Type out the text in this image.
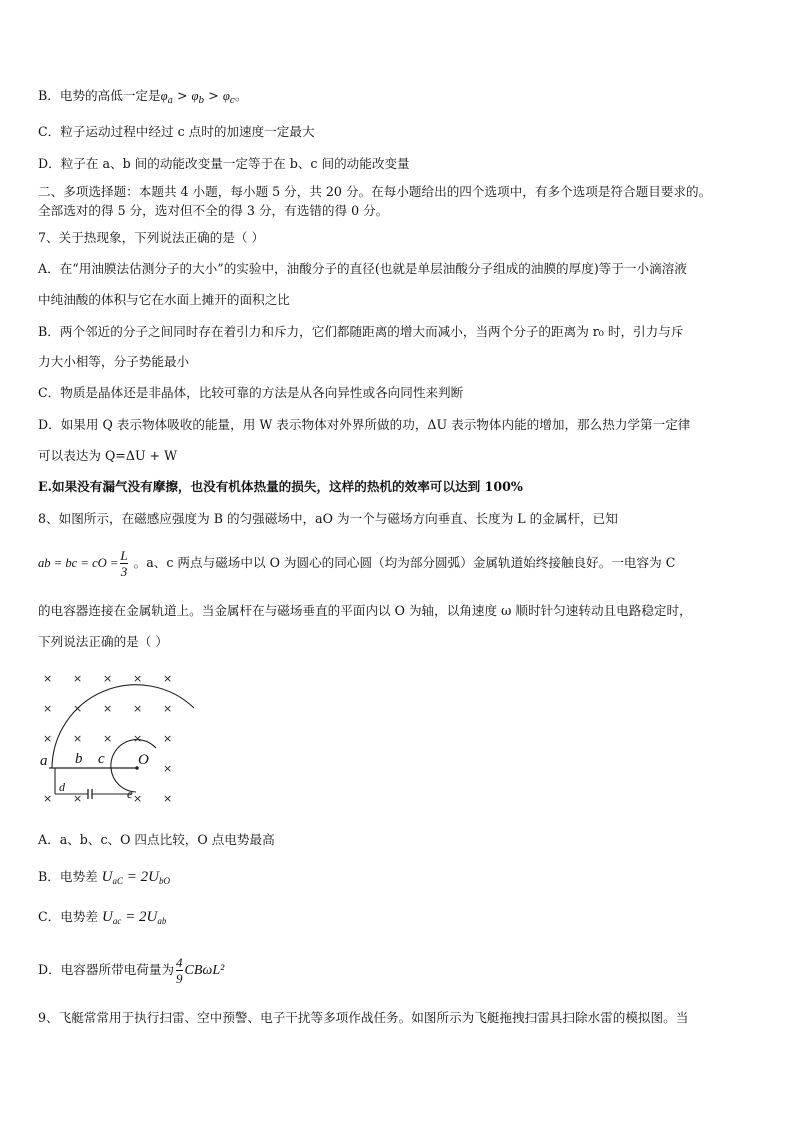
B．电势的高低一定是$\varphi_a > \varphi_b > \varphi_c$。
C．粒子运动过程中经过 c 点时的加速度一定最大
D．粒子在 a、b 间的动能改变量一定等于在 b、c 间的动能改变量
二、多项选择题：本题共 4 小题，每小题 5 分，共 20 分。在每小题给出的四个选项中，有多个选项是符合题目要求的。
全部选对的得 5 分，选对但不全的得 3 分，有选错的得 0 分。
7、关于热现象，下列说法正确的是（ ）
A．在“用油膜法估测分子的大小”的实验中，油酸分子的直径(也就是单层油酸分子组成的油膜的厚度)等于一小滴溶液
中纯油酸的体积与它在水面上摊开的面积之比
B．两个邻近的分子之间同时存在着引力和斥力，它们都随距离的增大而减小，当两个分子的距离为 r₀ 时，引力与斥
力大小相等，分子势能最小
C．物质是晶体还是非晶体，比较可靠的方法是从各向异性或各向同性来判断
D．如果用 Q 表示物体吸收的能量，用 W 表示物体对外界所做的功，ΔU 表示物体内能的增加，那么热力学第一定律
可以表达为 Q=ΔU + W
E.如果没有漏气没有摩擦，也没有机体热量的损失，这样的热机的效率可以达到 100%
8、如图所示，在磁感应强度为 B 的匀强磁场中，aO 为一个与磁场方向垂直、长度为 L 的金属杆，已知
ab = bc = cO = $\frac{L}{3}$ 。a、c 两点与磁场中以 O 为圆心的同心圆（均为部分圆弧）金属轨道始终接触良好。一电容为 C
的电容器连接在金属轨道上。当金属杆在与磁场垂直的平面内以 O 为轴，以角速度 ω 顺时针匀速转动且电路稳定时，
下列说法正确的是（ ）
× × × × ×
× × × × ×
× × × × ×
×
× ×	× ×
a b c O
d	e
A．a、b、c、O 四点比较，O 点电势最高
B．电势差 $U_{aC} = 2U_{bO}$
C．电势差 $U_{ac} = 2U_{ab}$
D．电容器所带电荷量为 $\frac{4}{9} CB\omega L^2$
9、飞艇常常用于执行扫雷、空中预警、电子干扰等多项作战任务。如图所示为飞艇拖拽扫雷具扫除水雷的模拟图。当
